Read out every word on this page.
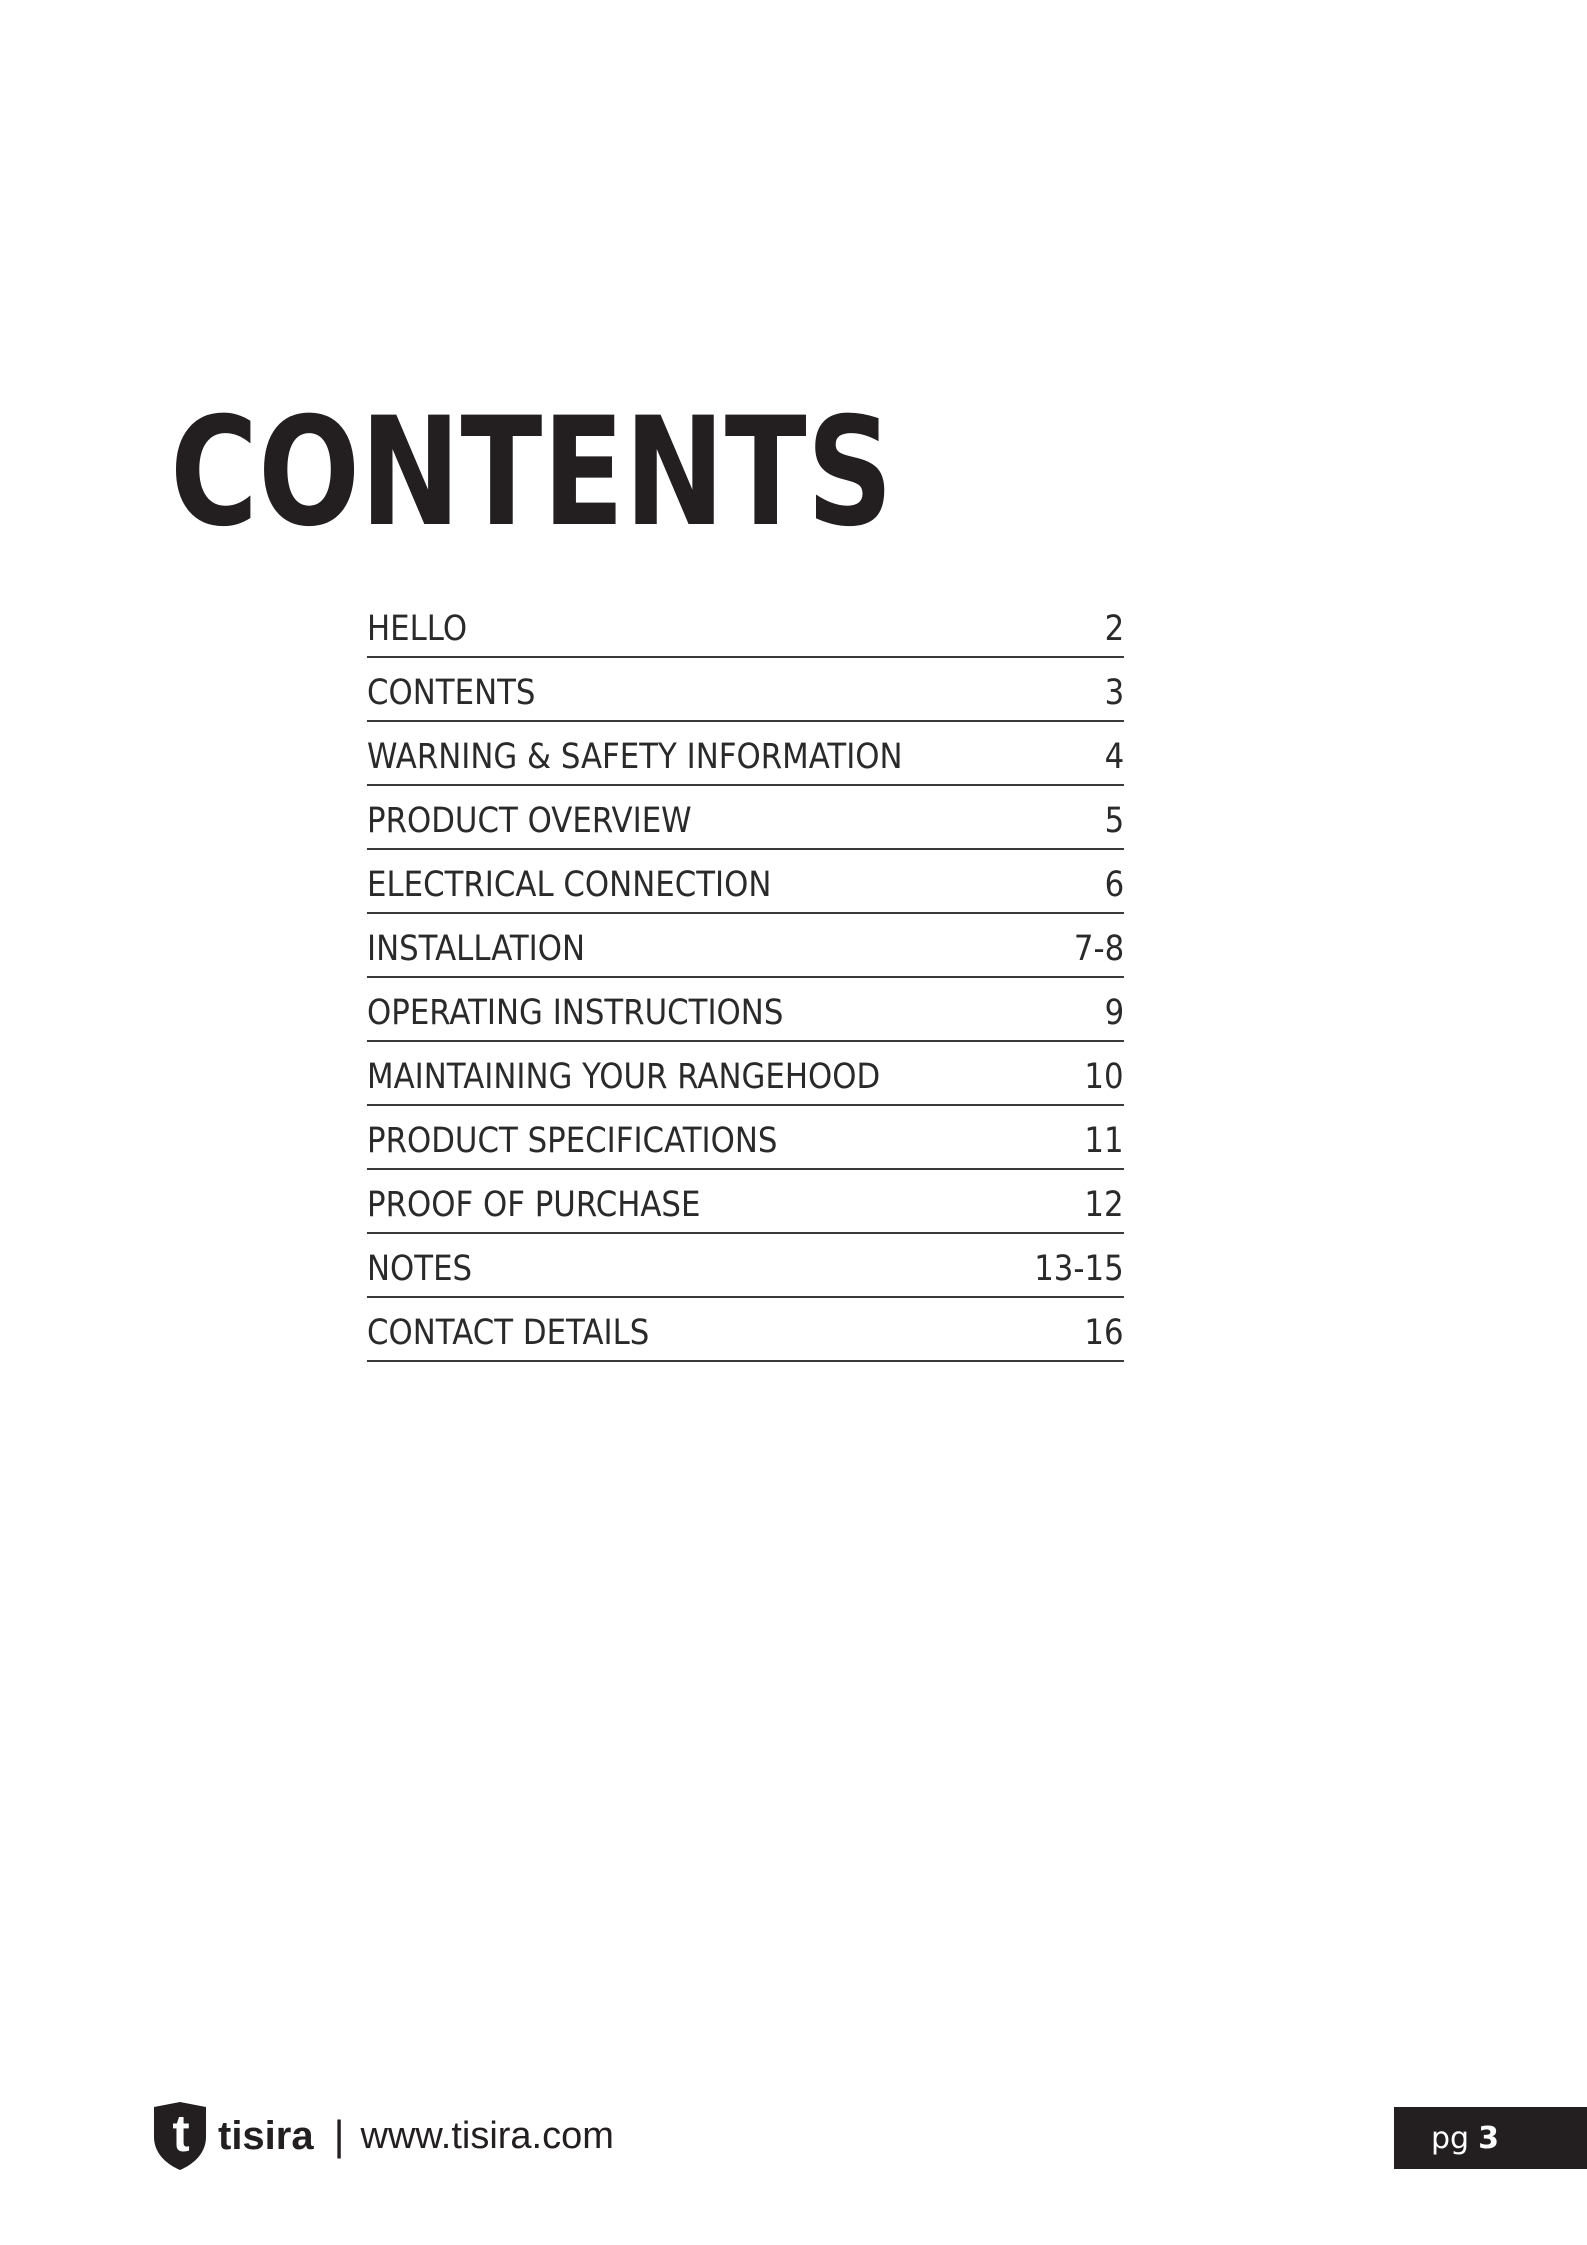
CONTENTS
HELLO	2
CONTENTS	3
WARNING & SAFETY INFORMATION	4
PRODUCT OVERVIEW	5
ELECTRICAL CONNECTION	6
INSTALLATION	7-8
OPERATING INSTRUCTIONS	9
MAINTAINING YOUR RANGEHOOD	10
PRODUCT SPECIFICATIONS	11
PROOF OF PURCHASE	12
NOTES	13-15
CONTACT DETAILS	16
t tisira | www.tisira.com	pg 3
